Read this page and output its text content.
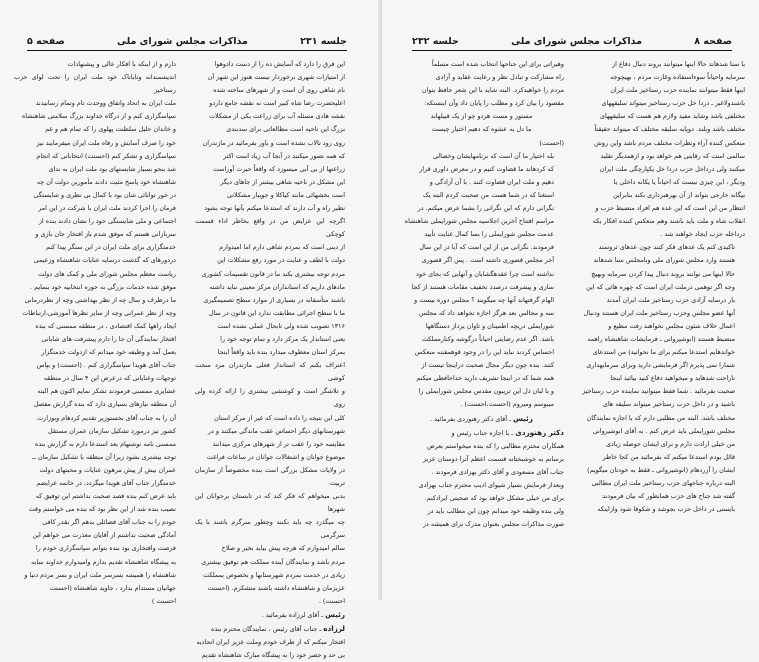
جلسه ۲۳۱
مذاکرات مجلس شورای ملی
صفحه ۵

این فرق را دارد که آسایش ده را از دست دادوهوا

از امتیازات شهری برخوردار نیست هنوز این شهر آن

نام شاهی روی آن است و از شهرهای ساخته شده

اعلیحضرت رضا شاه کبیر است نه نقشه جامع داردو

نقشه هادی مسئله آب برای زراعت یکی از مشکلات

بزرگ این ناحیه است مطالعاتی برای سدبندی

روی رود تالاب نشده است و باور بفرمائید در مازندران

که همه تصور میکنند در آنجا آب زیاد است اکثر

زراعتها از بی آبی میسوزد که واقعاً حیرت آوراست

این مشکل در ناحیه شاهی بیشتر از جاهای دیگر

است بخشهائی مانند کیاکلا و جویبار مشکلاتی

نظیر راه و آب دارند که استدعا میکنم بآنها توجه بشود

اگرچه این عرایض من در واقع بخاطر اداء قسمت کوچکی

از دینی است که بمردم شاهی دارم اما امیدوارم

دولت با لطف و عنایت در مورد رفع مشکلات این

مردم توجه بیشتری بکند ما در قانون تقسیمات کشوری

مادهای داریم که استانداران مرکز معینی نباید داشته

باشند متأسفانه در بسیاری از موارد سطح تصمیمگیری

ما با سطح اجرائی مطابقت ندارد این قانون در سال

۱۳۱۶ تصویب شده ولی تابحال عملی نشده است

یعنی استاندار یک مرکز دارد و تمام توجه خود را

بمرکز استان معطوف میدارد بنده باید واقعاً اینجا

اعتراف بکنم که استاندار فعلی مازندران مرد سخت کوشی

و تلاشگر است و کوششی بیشتری را ارائه کرده ولی روی

کلی این نتیجه را داده است که غیر از مرکز استان

شهرستانهای دیگر احساس عقب ماندگی میکنند و در

مقایسه خود را عقب تر از شهرهای مرکزی میدانند

موضوع جوانان و اشتغالات جوانان در ساعات فراغت

در ولایات مشکل بزرگی است بنده مخصوصاً از سازمان تربیت

بدنی میخواهم که فکر کند که در تابستان برجوانان این شهرها

چه میگذرد چه باید بکنند وچطور سرگرم باشند با یک سرگرمی

سالم امیدوارم که هرچه پیش بیاید بخیر و صلاح

مردم باشد و نمایندگان آینده مملکت هم توفیق بیشتری

زیادی در خدمت بمردم شهرستانها و بخصوص بمملکت

عزیزمان و شاهنشاه داشته باشند متشکرم. (احسنت

احسنت) .

رئیس ـ آقای لرزاده بفرمائید .

لرزاده ـ جناب آقای رئیس ، نمایندگان محترم بنده

افتخار میکنم که از طرف خودم وملت عزیز ایران اتحادیه

بی حد و حصر خود را به پیشگاه مبارک شاهنشاه تقدیم

دارم و از اینکه با افکار عالی و پیشنهادات

اندیشمندانه وتاباناک خود ملت ایران را تحت لوای حزب رستاخیز

ملت ایران به اتحاد واتفاق ووحدت تام وتمام رسانیدند

سپاسگزاری کنم و از درگاه خداوند بزرگ سلامتی شاهنشاه

و خاندان جلیل سلطنت پهلوی را که تمام هم و غم

خود را صرف آسایش و رفاه ملت ایران میفرمایند نیز

سپاسگزاری و تشکر کنم (احسنت) انتخاباتی که انجام

شد بنحو بسیار شایستهای بود ملت ایران به ندای

شاهنشاه خود پاسخ مثبت دادند مأمورین دولت آن چه

در خور توانائی شان بود با کمال بی نظری و شایستگی

فرمان را اجرا کردند ملت ایران با شرکت در این امر

اجتماعی و ملی شایستگی خود را نشان دادند بنده از

سربازانی هستم که موفق شدم باز افتخار جان بازی و

خدمتگزاری برای ملت ایران در این سنگر پیدا کنم

دردورهای که گذشت درسایه عنایات شاهنشاه وزعیمی

ریاست معظم مجلس شورای ملی و کمک های دولت

موفق شده خدمات بزرگی به حوزه انتخابیه خود بنمایم .

ما درظرف و سال چه از نظر بهداشتی وچه از نظردرمانی

وچه از نظر عمرانی وچه از سایر نظرها آموزشی،ارتباطات

ایجاد راهها کمک اقتصادی ، در منطقه ممسنی که بنده

افتخار نمایندگی آن جا را دارم پیشرفت های شایانی

بعمل آمد و وظیفه خود میدانم که ازدولت خدمتگزار

جناب آقای هویدا سپاسگزاری کنم . (احسنت) و بپاس

توجهات وعنایاتی که درعرض این ۴ سال در منطقه

عشایری ممسنی فرمودند تشکر نمایم اکنون هم البته

آن منطقه نیازهای بسیاری دارد که بنده گزارش مفصل

آن را به جناب آقای نخستوزیر تقدیم کردهام وبوزارت

کشور نیز درمورد تشکیل سازمان عمران مستقل

ممسنی نامه نوشتهام بعد استدعا دارم به گزارش بنده

توجه بیشتری بشود زیرا آن منطقه با تشکیل سازمان ــ

عمران بیش از پیش مرهون عنایات و محبتهای دولت

خدمتگزار جناب آقای هویدا میگردد، در خاتمه عرایضم

باید عرض کنم بنده قصد صحبت نداشتم این توفیق که

نصیب بنده شد از این نظر بود که بنده می خواستم وقت

خودم را به جناب آقای فضائلی بدهم اگر بقدر کافی

آمادگی صحبت نداشتم از آقایان معذرت می خواهم این

فرصت وافتخاری بود بنده بتوانم سپاسگزاری خودم را

به پیشگاه شاهنشاه تقدیم بدارم وامیدوارم خداوند سایه

شاهنشاه را همیشه بسرسر ملت ایران و بسر مردم دنیا و

جهانیان مستدام بدارد ، جاوید شاهنشاه (احسنت

احسنت )

صفحه ۸
مذاکرات مجلس شورای ملی
جلسه ۲۳۲

با سنا شدهاند حالا اینها میتوانند بروند دنبال دفاع از

سرمایه واحیاناً سوءاستفاده وغارت مردم ، بهیچوجه

اینها فقط میتوانند نماینده حزب رستاخیز ملت ایران

باشندولاغیر ـ دردا خل حزب رستاخیز میتواند سلیقههای

مختلفی باشد وشاید مفید ولازم هم هست که سلیقههای

مختلف باشد وبلند. دوپایه سلیقه مختلف که میتواند حقیقتاً

منعکس کننده آراء ونظرات مختلف مردم باشد واین روش

سالمی است که رقابتی هم خواهد بود و ازهمدیگر تقلید

میکنند ولی درداخل حزب دردا خل یکپارچگی ملت ایران

ودیگر ، این چیزی نیست که احیاناً یا یکانه داخلی یا

بیگانه خارجی بتواند از آن بهرهبرداری بکند بنابراین

انتظار من این است که این عده هم افراد منضبط حزب و

انقلاب شاه و ملت باید باشند وهم منعکس کننده افکار یکه

درداخله حزب ایجاد خواهند شد .

تاکیدی کنم یک عدهای فکر کنند چون عدهای ثروتمند

هستند وارد مجلس شورای ملی وبامجلس سنا شدهاند

حالا اینها می توانند بروند دنبال پیدا کردن سرمایه وبهیچ

وجه اگر توهمی درملت ایران است که چهره هائی که این

بار درسایه آزادی حزب رستاخیز ملت ایران آمدند

آنها عضو مجلس وحزب رستاخیز ملت ایران هستند ودنبال

اعمال خلاف شئون مجلس نخواهند رفت مطیع و

منضبط هستند (انوشیروانی ـ فرمایشات شاهنشاه راهمه

خواندهایم استدعا میکنم برای ما نخوانید) من استدعای

شمارا نمی پذیرم اگر فرمایشی دارید وبرای سرمایهداری

ناراحت شدهاید و میخواهید دفاع کنید بیائید اینجا

صحبت بفرمائید . شما فقط میتوانید نماینده حزب رستاخیز

باشید و در داخل حزب رستاخیز میتواند سلیقه های

مختلف باشد. البته من مطلبی دارم که با اجازه نمایندگان

مجلس شورایملی باید عرض کنم . به آقای انوشیروانی

من خیلی ارادت دارم و برای ایشان حوصله زیادی

قائل بودم استدعا میکنم که بفرمائید من کجا خاطر

ایشان را آزردهام (انوشیروانی ـ فقط به خودتان میگویم)

البته درباره جناحهای حزب رستاخیز ملت ایران مطالبی

گفته شد جناح های حزب همانطور که بیان فرمودند

بایستی در داخل حزب بجوشد و شکوفا شود وازاینکه

وهیراتی برای این جناحها انتخاب شده است مسلماً

راه مشارکت و تبادل نظر و رعایت عقاید و آزادی

مردم را خواهیدکرد. البته شاید با این شعر حافظ بتوان

مقصود را بیان کرد و مطلب را پایان داد وآن اینستکه:

مستور و مست هردو چو از یک قبیلهاند

ما دل به عشوه که دهیم اختیار چیست

(احسنت)

بله اختیار ما آن است که برنامهایشان وخصالی

که کردهاند ما قضاوت کنیم و در معرض داوری قرار

دهیم و ملت ایران قضاوت کنند . با آن آزادگی و

استغنا که در شما هست من صحبت کردم البته یک

نگرانی دارم که این نگرانی را بشما عرض میکنم. در

مراسم افتتاح آخرین اجلاسیه مجلس شورایملی شاهنشاه

عدمت مجلس شورایملی را بسا کمال عنایت تأیید

فرمودند. نگرانی من از این است که آیا در این سال

آخر مجلس قصوری داشته است . پس اگر قصوری

نداشته است چرا عقدهگشایان و آنهایی که بجای خود

سازی و پیشرفت درصدد تخفیف مقامات هستند از کجا

الهام گرفتهاند آنها چه میگویند ؟ مجلس دوره بیست و

سه و مجالس بعد هرگز اجازه نخواهد داد که مجلس

شورایملی دریچه اطمینان و تاوان پرداز دستگاهها

باشد. اگر عدم رضایتی احیاناً درگوشه وکنارمملکت

احساس کردند نباید این را در وجود قوهمقننه منعکس

کنند. بنده چون دیگر مجال صحبت دراینجا نیست از

همه شما که در اینجا تشریف دارید خداحافظی میکنم

و با لبان دل این تریبون مقدس مجلس شورایملی را

میبوسم ومیروم (احسنت،احسنت) .

رئیس ـ آقای دکتر رهنوردی بفرمائید .

دکتر رهنوردی ـ با اجازه جناب رئیس و

همکاران محترم مطالبی را که بنده میخواستم بعرض

برسانم به خوشبختانه قسمت اعظم آنرا دوستان عزیز

جناب آقای مسعودی و آقای دکتر بهزادی فرمودند .

وبعداز فرمایش بسیار شیوای ادیب محترم جناب بهزادی

برای من خیلی مشکل خواهد بود که صحبتی ایرادکنم.

ولی بنده وظیفه خود میدانم چون این مطالب باید در

صورت مذاکرات مجلس بعنوان مدرک برای همیشه در
